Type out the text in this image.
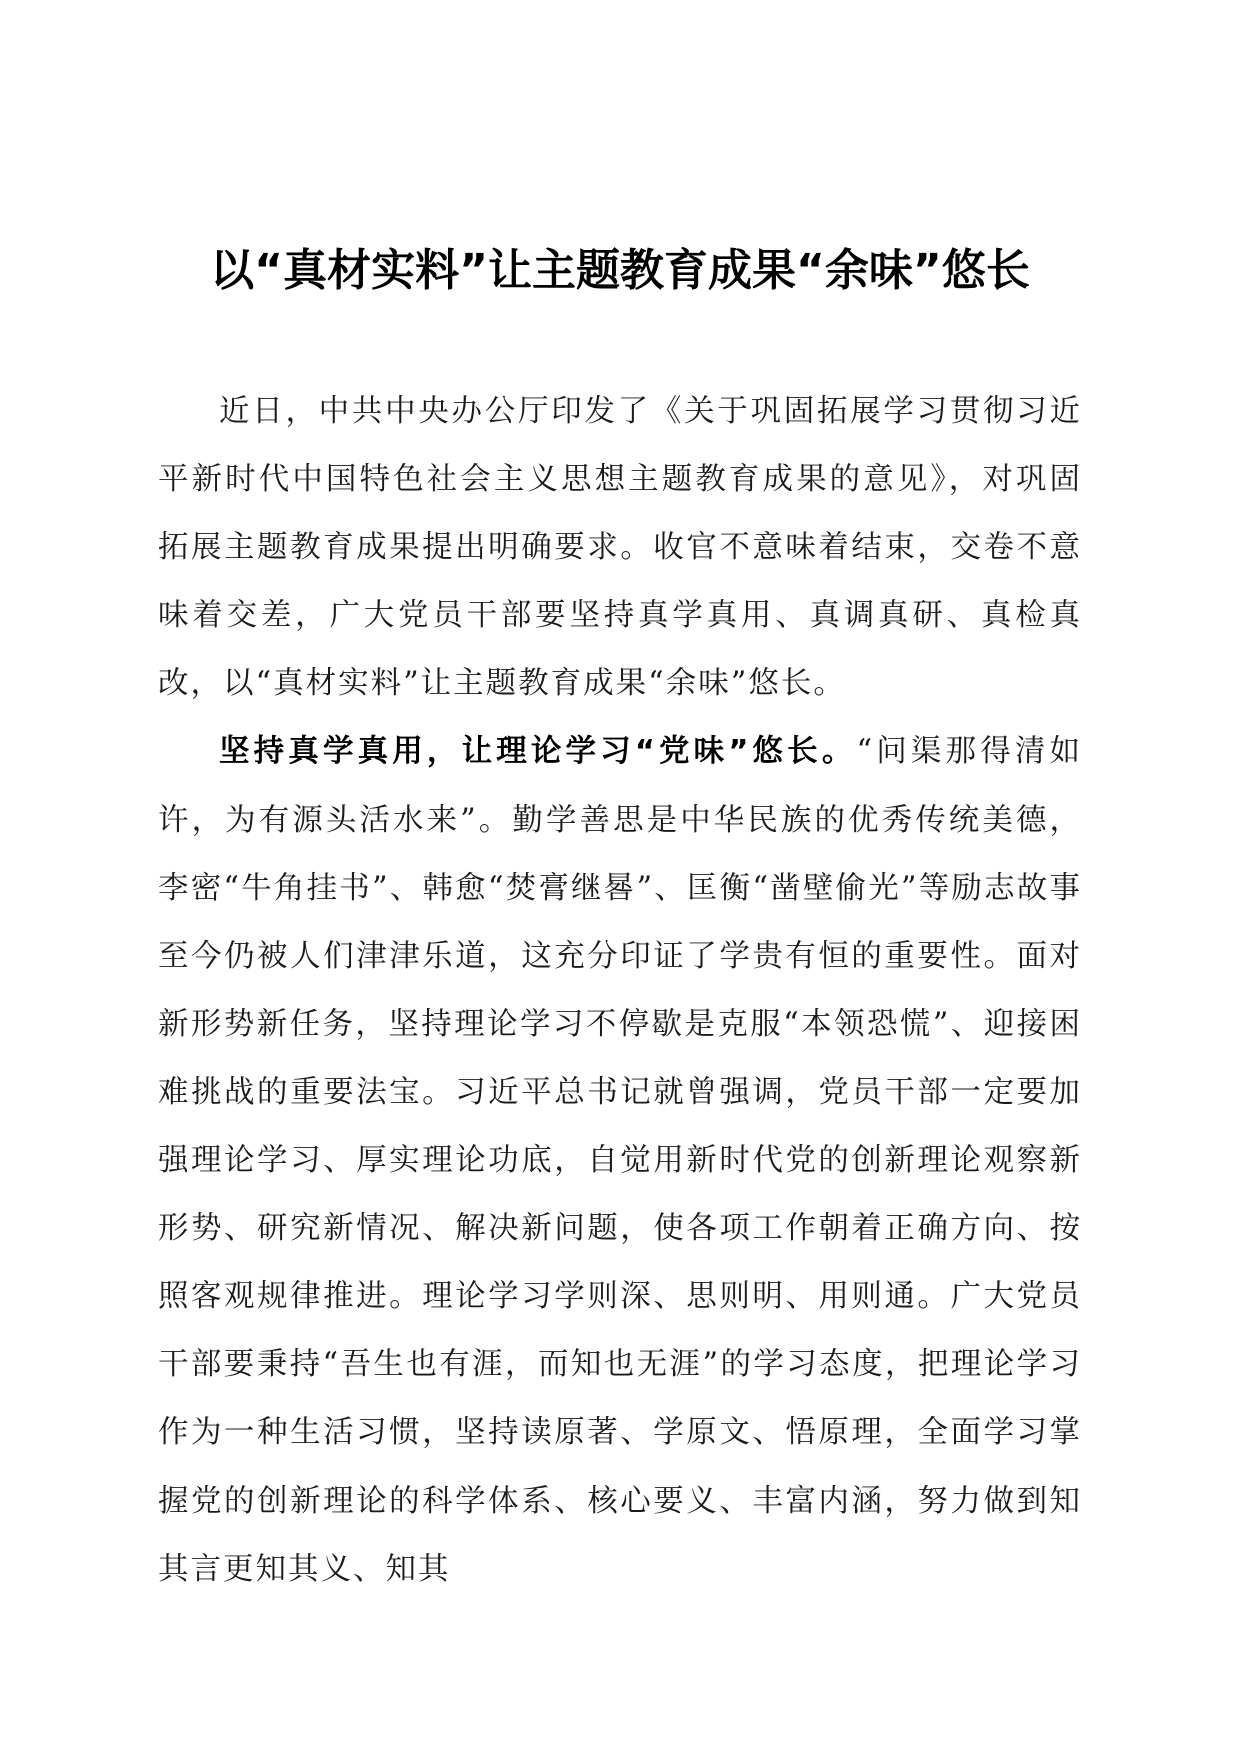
以“真材实料”让主题教育成果“余味”悠长

近日，中共中央办公厅印发了《关于巩固拓展学习贯彻习近平新时代中国特色社会主义思想主题教育成果的意见》，对巩固拓展主题教育成果提出明确要求。收官不意味着结束，交卷不意味着交差，广大党员干部要坚持真学真用、真调真研、真检真改，以“真材实料”让主题教育成果“余味”悠长。

坚持真学真用，让理论学习“党味”悠长。“问渠那得清如许，为有源头活水来”。勤学善思是中华民族的优秀传统美德，李密“牛角挂书”、韩愈“焚膏继晷”、匡衡“凿壁偷光”等励志故事至今仍被人们津津乐道，这充分印证了学贵有恒的重要性。面对新形势新任务，坚持理论学习不停歇是克服“本领恐慌”、迎接困难挑战的重要法宝。习近平总书记就曾强调，党员干部一定要加强理论学习、厚实理论功底，自觉用新时代党的创新理论观察新形势、研究新情况、解决新问题，使各项工作朝着正确方向、按照客观规律推进。理论学习学则深、思则明、用则通。广大党员干部要秉持“吾生也有涯，而知也无涯”的学习态度，把理论学习作为一种生活习惯，坚持读原著、学原文、悟原理，全面学习掌握党的创新理论的科学体系、核心要义、丰富内涵，努力做到知其言更知其义、知其
